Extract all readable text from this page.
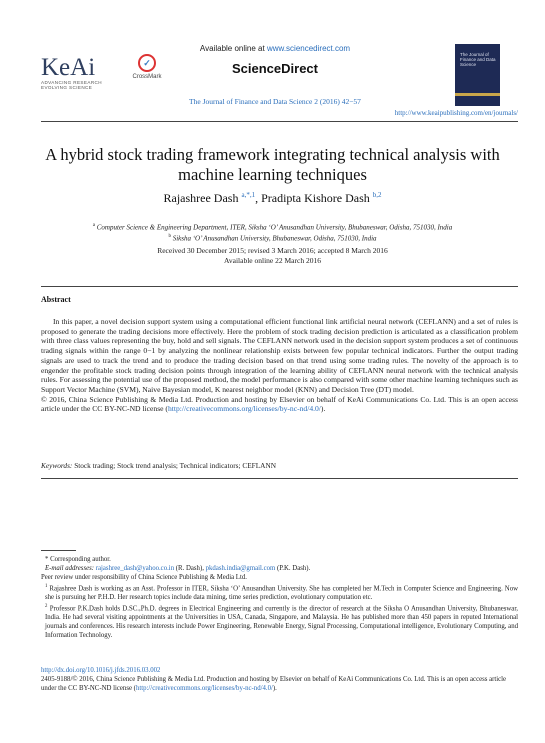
KeAi
ADVANCING RESEARCH
EVOLVING SCIENCE
✓
CrossMark
Available online at www.sciencedirect.com
ScienceDirect
The Journal of Finance and Data Science
The Journal of Finance and Data Science 2 (2016) 42−57
http://www.keaipublishing.com/en/journals/
A hybrid stock trading framework integrating technical analysis with
machine learning techniques
Rajashree Dash $^{a,*,1}$, Pradipta Kishore Dash $^{b,2}$
$^a$ Computer Science & Engineering Department, ITER, Siksha ‘O’ Anusandhan University, Bhubaneswar, Odisha, 751030, India
$^b$ Siksha ‘O’ Anusandhan University, Bhubaneswar, Odisha, 751030, India
Received 30 December 2015; revised 3 March 2016; accepted 8 March 2016
Available online 22 March 2016
Abstract

In this paper, a novel decision support system using a computational efficient functional link artificial neural network (CEFLANN) and a set of rules is proposed to generate the trading decisions more effectively. Here the problem of stock trading decision prediction is articulated as a classification problem with three class values representing the buy, hold and sell signals. The CEFLANN network used in the decision support system produces a set of continuous trading signals within the range 0−1 by analyzing the nonlinear relationship exists between few popular technical indicators. Further the output trading signals are used to track the trend and to produce the trading decision based on that trend using some trading rules. The novelty of the approach is to engender the profitable stock trading decision points through integration of the learning ability of CEFLANN neural network with the technical analysis rules. For assessing the potential use of the proposed method, the model performance is also compared with some other machine learning techniques such as Support Vector Machine (SVM), Naive Bayesian model, K nearest neighbor model (KNN) and Decision Tree (DT) model.

© 2016, China Science Publishing & Media Ltd. Production and hosting by Elsevier on behalf of KeAi Communications Co. Ltd. This is an open access article under the CC BY-NC-ND license (http://creativecommons.org/licenses/by-nc-nd/4.0/).

Keywords: Stock trading; Stock trend analysis; Technical indicators; CEFLANN

* Corresponding author.

E-mail addresses: rajashree_dash@yahoo.co.in (R. Dash), pkdash.india@gmail.com (P.K. Dash).

Peer review under responsibility of China Science Publishing & Media Ltd.

$^1$ Rajashree Dash is working as an Asst. Professor in ITER, Siksha ‘O’ Anusandhan University. She has completed her M.Tech in Computer Science and Engineering. Now she is pursuing her P.H.D. Her research topics include data mining, time series prediction, evolutionary computation etc.

$^2$ Professor P.K.Dash holds D.SC.,Ph.D. degrees in Electrical Engineering and currently is the director of research at the Siksha O Anusandhan University, Bhubaneswar, India. He had several visiting appointments at the Universities in USA, Canada, Singapore, and Malaysia. He has published more than 450 papers in reputed International journals and conferences. His research interests include Power Engineering, Renewable Energy, Signal Processing, Computational intelligence, Evolutionary Computing, and Information Technology.

http://dx.doi.org/10.1016/j.jfds.2016.03.002

2405-9188/© 2016, China Science Publishing & Media Ltd. Production and hosting by Elsevier on behalf of KeAi Communications Co. Ltd. This is an open access article under the CC BY-NC-ND license (http://creativecommons.org/licenses/by-nc-nd/4.0/).
